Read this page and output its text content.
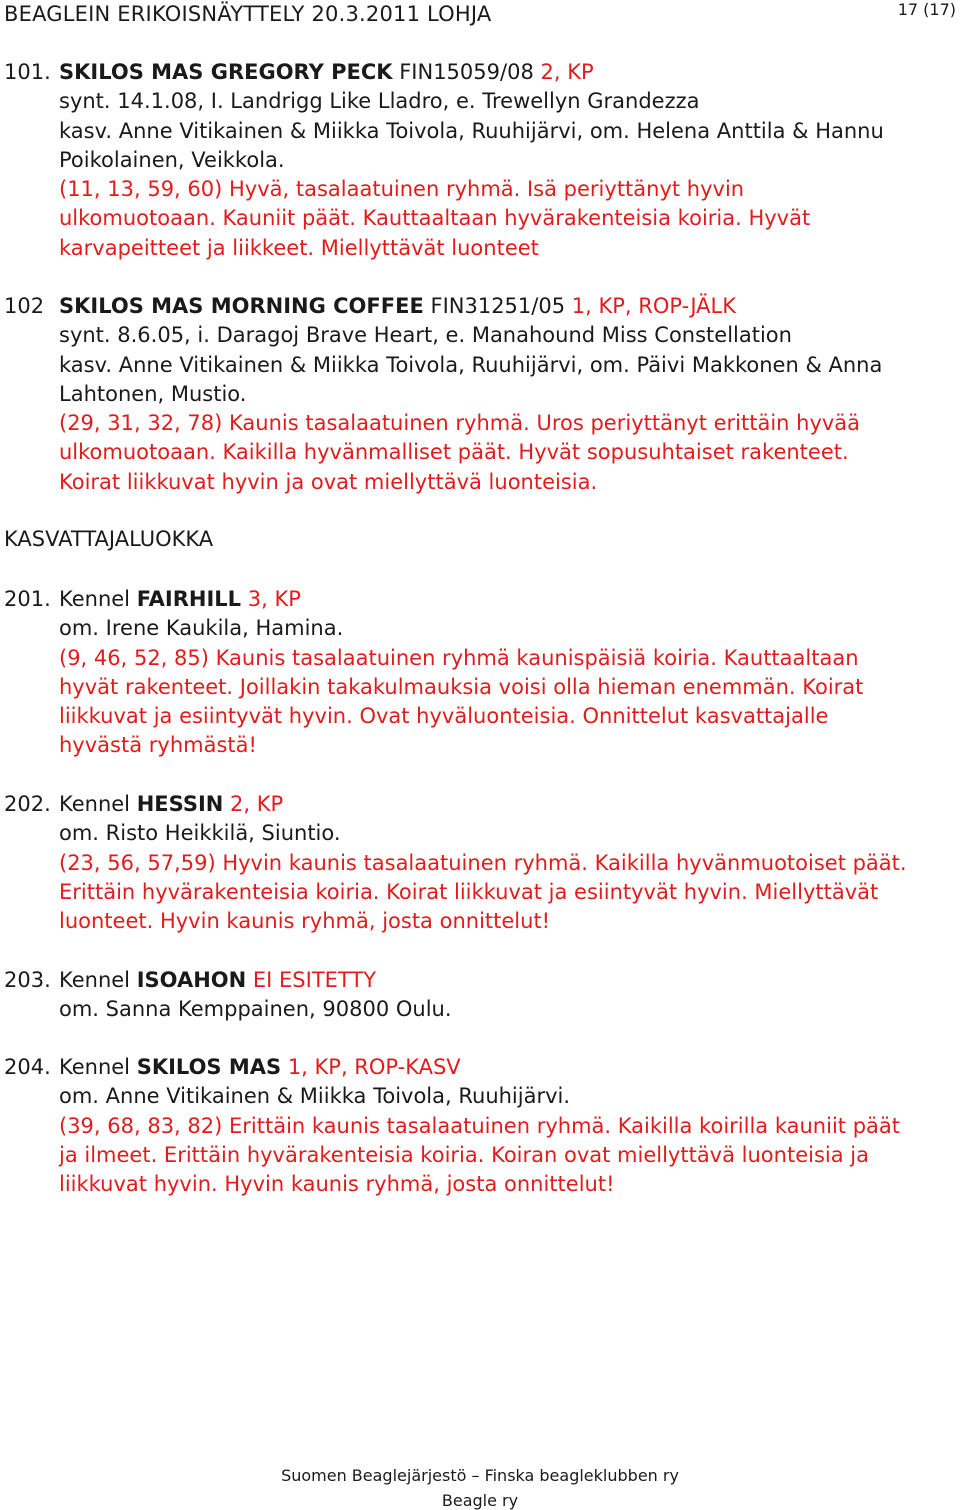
BEAGLEIN ERIKOISNÄYTTELY 20.3.2011 LOHJA	17 (17)
101. SKILOS MAS GREGORY PECK FIN15059/08 2, KP
synt. 14.1.08, I. Landrigg Like Lladro, e. Trewellyn Grandezza
kasv. Anne Vitikainen & Miikka Toivola, Ruuhijärvi, om. Helena Anttila & Hannu
Poikolainen, Veikkola.
(11, 13, 59, 60) Hyvä, tasalaatuinen ryhmä. Isä periyttänyt hyvin
ulkomuotoaan. Kauniit päät. Kauttaaltaan hyvärakenteisia koiria. Hyvät
karvapeitteet ja liikkeet. Miellyttävät luonteet
102 SKILOS MAS MORNING COFFEE FIN31251/05 1, KP, ROP-JÄLK
synt. 8.6.05, i. Daragoj Brave Heart, e. Manahound Miss Constellation
kasv. Anne Vitikainen & Miikka Toivola, Ruuhijärvi, om. Päivi Makkonen & Anna
Lahtonen, Mustio.
(29, 31, 32, 78) Kaunis tasalaatuinen ryhmä. Uros periyttänyt erittäin hyvää
ulkomuotoaan. Kaikilla hyvänmalliset päät. Hyvät sopusuhtaiset rakenteet.
Koirat liikkuvat hyvin ja ovat miellyttävä luonteisia.
KASVATTAJALUOKKA
201. Kennel FAIRHILL 3, KP
om. Irene Kaukila, Hamina.
(9, 46, 52, 85) Kaunis tasalaatuinen ryhmä kaunispäisiä koiria. Kauttaaltaan
hyvät rakenteet. Joillakin takakulmauksia voisi olla hieman enemmän. Koirat
liikkuvat ja esiintyvät hyvin. Ovat hyväluonteisia. Onnittelut kasvattajalle
hyvästä ryhmästä!
202. Kennel HESSIN 2, KP
om. Risto Heikkilä, Siuntio.
(23, 56, 57,59) Hyvin kaunis tasalaatuinen ryhmä. Kaikilla hyvänmuotoiset päät.
Erittäin hyvärakenteisia koiria. Koirat liikkuvat ja esiintyvät hyvin. Miellyttävät
luonteet. Hyvin kaunis ryhmä, josta onnittelut!
203. Kennel ISOAHON EI ESITETTY
om. Sanna Kemppainen, 90800 Oulu.
204. Kennel SKILOS MAS 1, KP, ROP-KASV
om. Anne Vitikainen & Miikka Toivola, Ruuhijärvi.
(39, 68, 83, 82) Erittäin kaunis tasalaatuinen ryhmä. Kaikilla koirilla kauniit päät
ja ilmeet. Erittäin hyvärakenteisia koiria. Koiran ovat miellyttävä luonteisia ja
liikkuvat hyvin. Hyvin kaunis ryhmä, josta onnittelut!
Suomen Beaglejärjestö – Finska beagleklubben ry
Beagle ry
